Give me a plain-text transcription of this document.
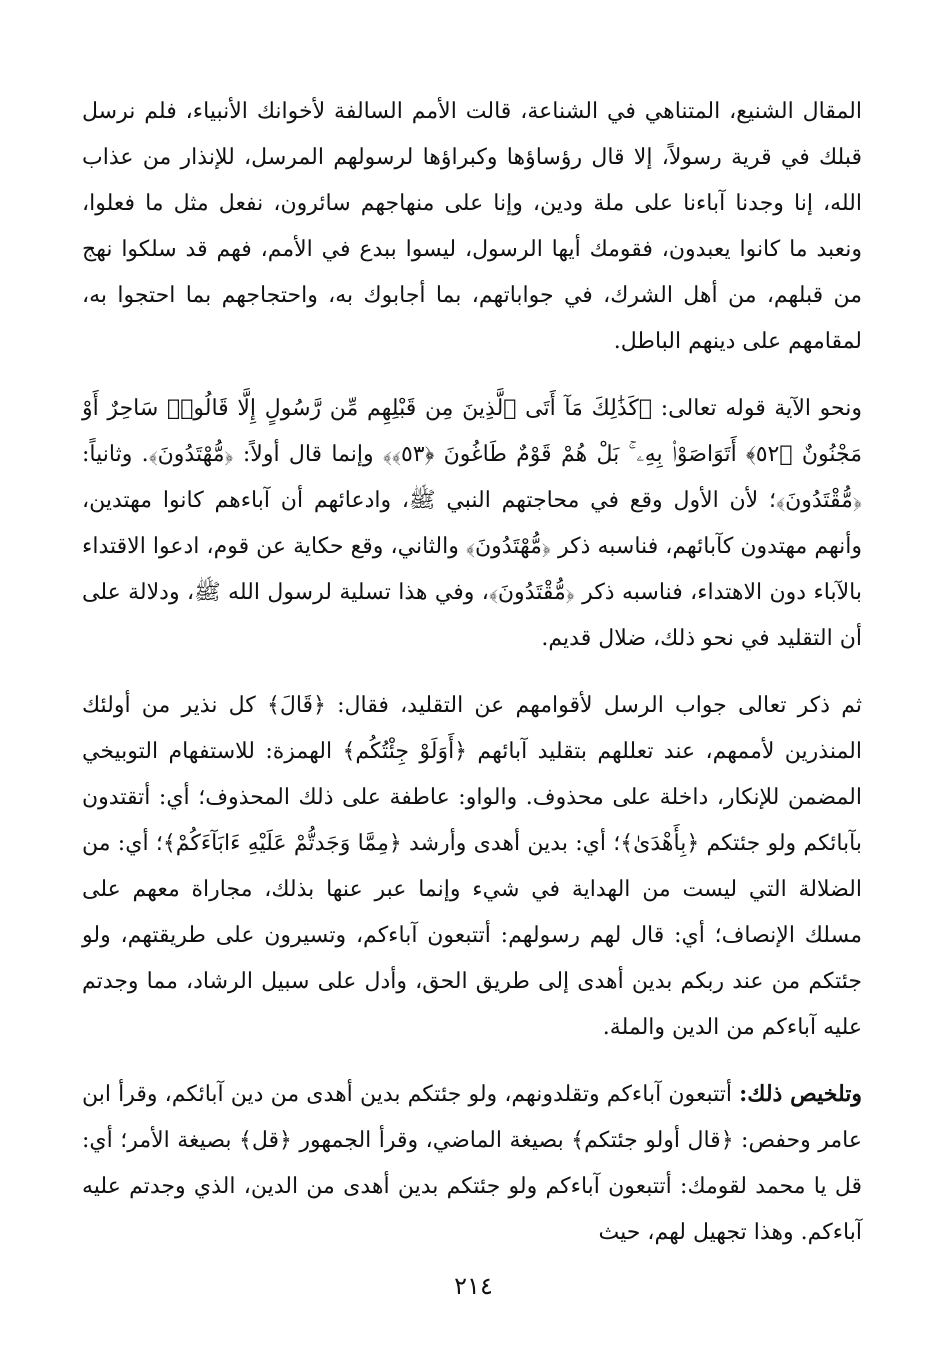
المقال الشنيع، المتناهي في الشناعة، قالت الأمم السالفة لأخوانك الأنبياء، فلم نرسل قبلك في قرية رسولاً، إلا قال رؤساؤها وكبراؤها لرسولهم المرسل، للإنذار من عذاب الله، إنا وجدنا آباءنا على ملة ودين، وإنا على منهاجهم سائرون، نفعل مثل ما فعلوا، ونعبد ما كانوا يعبدون، فقومك أيها الرسول، ليسوا ببدع في الأمم، فهم قد سلكوا نهج من قبلهم، من أهل الشرك، في جواباتهم، بما أجابوك به، واحتجاجهم بما احتجوا به، لمقامهم على دينهم الباطل.
ونحو الآية قوله تعالى: ﴿كَذَٰلِكَ مَآ أَتَى ٱلَّذِينَ مِن قَبْلِهِم مِّن رَّسُولٍ إِلَّا قَالُوا۟ سَاحِرٌ أَوْ مَجْنُونٌ ﴿٥٢﴾ أَتَوَاصَوْا۟ بِهِۦ ۚ بَلْ هُمْ قَوْمٌ طَاغُونَ ﴿٥٣﴾﴾ وإنما قال أولاً: ﴿مُّهْتَدُونَ﴾. وثانياً: ﴿مُّقْتَدُونَ﴾؛ لأن الأول وقع في محاجتهم النبي ﷺ، وادعائهم أن آباءهم كانوا مهتدين، وأنهم مهتدون كآبائهم، فناسبه ذكر ﴿مُّهْتَدُونَ﴾ والثاني، وقع حكاية عن قوم، ادعوا الاقتداء بالآباء دون الاهتداء، فناسبه ذكر ﴿مُّقْتَدُونَ﴾، وفي هذا تسلية لرسول الله ﷺ، ودلالة على أن التقليد في نحو ذلك، ضلال قديم.
ثم ذكر تعالى جواب الرسل لأقوامهم عن التقليد، فقال: ﴿قَالَ﴾ كل نذير من أولئك المنذرين لأممهم، عند تعللهم بتقليد آبائهم ﴿أَوَلَوْ جِئْتُكُم﴾ الهمزة: للاستفهام التوبيخي المضمن للإنكار، داخلة على محذوف. والواو: عاطفة على ذلك المحذوف؛ أي: أتقتدون بآبائكم ولو جئتكم ﴿بِأَهْدَىٰ﴾؛ أي: بدين أهدى وأرشد ﴿مِمَّا وَجَدتُّمْ عَلَيْهِ ءَابَآءَكُمْ﴾؛ أي: من الضلالة التي ليست من الهداية في شيء وإنما عبر عنها بذلك، مجاراة معهم على مسلك الإنصاف؛ أي: قال لهم رسولهم: أتتبعون آباءكم، وتسيرون على طريقتهم، ولو جئتكم من عند ربكم بدين أهدى إلى طريق الحق، وأدل على سبيل الرشاد، مما وجدتم عليه آباءكم من الدين والملة.
وتلخيص ذلك: أتتبعون آباءكم وتقلدونهم، ولو جئتكم بدين أهدى من دين آبائكم، وقرأ ابن عامر وحفص: ﴿قال أولو جئتكم﴾ بصيغة الماضي، وقرأ الجمهور ﴿قل﴾ بصيغة الأمر؛ أي: قل يا محمد لقومك: أتتبعون آباءكم ولو جئتكم بدين أهدى من الدين، الذي وجدتم عليه آباءكم. وهذا تجهيل لهم، حيث
٢١٤
